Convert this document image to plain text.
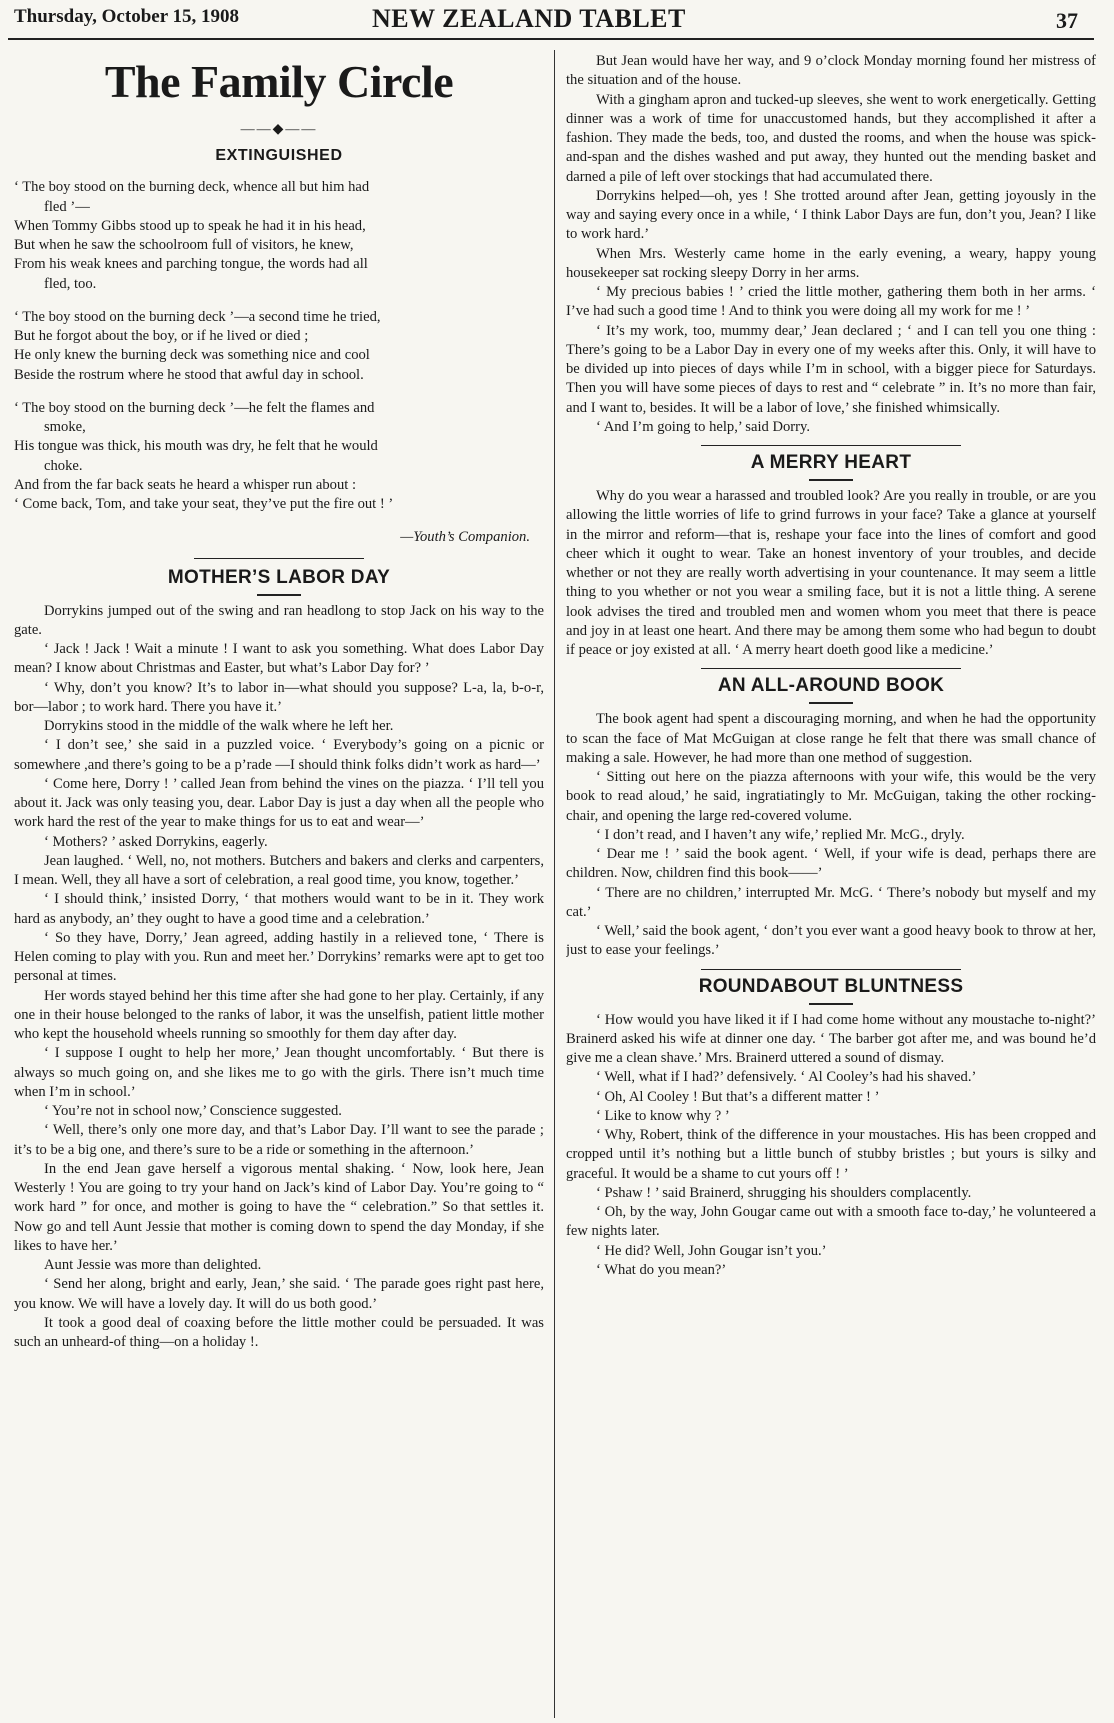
Thursday, October 15, 1908	NEW ZEALAND TABLET	37
The Family Circle
——◆——
EXTINGUISHED

‘ The boy stood on the burning deck, whence all but him had

fled ’—

When Tommy Gibbs stood up to speak he had it in his head,

But when he saw the schoolroom full of visitors, he knew,

From his weak knees and parching tongue, the words had all

fled, too.

‘ The boy stood on the burning deck ’—a second time he tried,

But he forgot about the boy, or if he lived or died ;

He only knew the burning deck was something nice and cool

Beside the rostrum where he stood that awful day in school.

‘ The boy stood on the burning deck ’—he felt the flames and

smoke,

His tongue was thick, his mouth was dry, he felt that he would

choke.

And from the far back seats he heard a whisper run about :

‘ Come back, Tom, and take your seat, they’ve put the fire out ! ’

—Youth’s Companion.
MOTHER’S LABOR DAY

Dorrykins jumped out of the swing and ran headlong to stop Jack on his way to the gate.

‘ Jack ! Jack ! Wait a minute ! I want to ask you something. What does Labor Day mean? I know about Christmas and Easter, but what’s Labor Day for? ’

‘ Why, don’t you know? It’s to labor in—what should you suppose? L-a, la, b-o-r, bor—labor ; to work hard. There you have it.’

Dorrykins stood in the middle of the walk where he left her.

‘ I don’t see,’ she said in a puzzled voice. ‘ Everybody’s going on a picnic or somewhere ,and there’s going to be a p’rade —I should think folks didn’t work as hard—’

‘ Come here, Dorry ! ’ called Jean from behind the vines on the piazza. ‘ I’ll tell you about it. Jack was only teasing you, dear. Labor Day is just a day when all the people who work hard the rest of the year to make things for us to eat and wear—’

‘ Mothers? ’ asked Dorrykins, eagerly.

Jean laughed. ‘ Well, no, not mothers. Butchers and bakers and clerks and carpenters, I mean. Well, they all have a sort of celebration, a real good time, you know, together.’

‘ I should think,’ insisted Dorry, ‘ that mothers would want to be in it. They work hard as anybody, an’ they ought to have a good time and a celebration.’

‘ So they have, Dorry,’ Jean agreed, adding hastily in a relieved tone, ‘ There is Helen coming to play with you. Run and meet her.’ Dorrykins’ remarks were apt to get too personal at times.

Her words stayed behind her this time after she had gone to her play. Certainly, if any one in their house belonged to the ranks of labor, it was the unselfish, patient little mother who kept the household wheels running so smoothly for them day after day.

‘ I suppose I ought to help her more,’ Jean thought uncomfortably. ‘ But there is always so much going on, and she likes me to go with the girls. There isn’t much time when I’m in school.’

‘ You’re not in school now,’ Conscience suggested.

‘ Well, there’s only one more day, and that’s Labor Day. I’ll want to see the parade ; it’s to be a big one, and there’s sure to be a ride or something in the afternoon.’

In the end Jean gave herself a vigorous mental shaking. ‘ Now, look here, Jean Westerly ! You are going to try your hand on Jack’s kind of Labor Day. You’re going to “ work hard ” for once, and mother is going to have the “ celebration.” So that settles it. Now go and tell Aunt Jessie that mother is coming down to spend the day Monday, if she likes to have her.’

Aunt Jessie was more than delighted.

‘ Send her along, bright and early, Jean,’ she said. ‘ The parade goes right past here, you know. We will have a lovely day. It will do us both good.’

It took a good deal of coaxing before the little mother could be persuaded. It was such an unheard-of thing—on a holiday !.

But Jean would have her way, and 9 o’clock Monday morning found her mistress of the situation and of the house.

With a gingham apron and tucked-up sleeves, she went to work energetically. Getting dinner was a work of time for unaccustomed hands, but they accomplished it after a fashion. They made the beds, too, and dusted the rooms, and when the house was spick-and-span and the dishes washed and put away, they hunted out the mending basket and darned a pile of left over stockings that had accumulated there.

Dorrykins helped—oh, yes ! She trotted around after Jean, getting joyously in the way and saying every once in a while, ‘ I think Labor Days are fun, don’t you, Jean? I like to work hard.’

When Mrs. Westerly came home in the early evening, a weary, happy young housekeeper sat rocking sleepy Dorry in her arms.

‘ My precious babies ! ’ cried the little mother, gathering them both in her arms. ‘ I’ve had such a good time ! And to think you were doing all my work for me ! ’

‘ It’s my work, too, mummy dear,’ Jean declared ; ‘ and I can tell you one thing : There’s going to be a Labor Day in every one of my weeks after this. Only, it will have to be divided up into pieces of days while I’m in school, with a bigger piece for Saturdays. Then you will have some pieces of days to rest and “ celebrate ” in. It’s no more than fair, and I want to, besides. It will be a labor of love,’ she finished whimsically.

‘ And I’m going to help,’ said Dorry.

A MERRY HEART

Why do you wear a harassed and troubled look? Are you really in trouble, or are you allowing the little worries of life to grind furrows in your face? Take a glance at yourself in the mirror and reform—that is, reshape your face into the lines of comfort and good cheer which it ought to wear. Take an honest inventory of your troubles, and decide whether or not they are really worth advertising in your countenance. It may seem a little thing to you whether or not you wear a smiling face, but it is not a little thing. A serene look advises the tired and troubled men and women whom you meet that there is peace and joy in at least one heart. And there may be among them some who had begun to doubt if peace or joy existed at all. ‘ A merry heart doeth good like a medicine.’

AN ALL-AROUND BOOK

The book agent had spent a discouraging morning, and when he had the opportunity to scan the face of Mat McGuigan at close range he felt that there was small chance of making a sale. However, he had more than one method of suggestion.

‘ Sitting out here on the piazza afternoons with your wife, this would be the very book to read aloud,’ he said, ingratiatingly to Mr. McGuigan, taking the other rocking-chair, and opening the large red-covered volume.

‘ I don’t read, and I haven’t any wife,’ replied Mr. McG., dryly.

‘ Dear me ! ’ said the book agent. ‘ Well, if your wife is dead, perhaps there are children. Now, children find this book——’

‘ There are no children,’ interrupted Mr. McG. ‘ There’s nobody but myself and my cat.’

‘ Well,’ said the book agent, ‘ don’t you ever want a good heavy book to throw at her, just to ease your feelings.’

ROUNDABOUT BLUNTNESS

‘ How would you have liked it if I had come home without any moustache to-night?’ Brainerd asked his wife at dinner one day. ‘ The barber got after me, and was bound he’d give me a clean shave.’ Mrs. Brainerd uttered a sound of dismay.

‘ Well, what if I had?’ defensively. ‘ Al Cooley’s had his shaved.’

‘ Oh, Al Cooley ! But that’s a different matter ! ’

‘ Like to know why ? ’

‘ Why, Robert, think of the difference in your moustaches. His has been cropped and cropped until it’s nothing but a little bunch of stubby bristles ; but yours is silky and graceful. It would be a shame to cut yours off ! ’

‘ Pshaw ! ’ said Brainerd, shrugging his shoulders complacently.

‘ Oh, by the way, John Gougar came out with a smooth face to-day,’ he volunteered a few nights later.

‘ He did? Well, John Gougar isn’t you.’

‘ What do you mean?’
